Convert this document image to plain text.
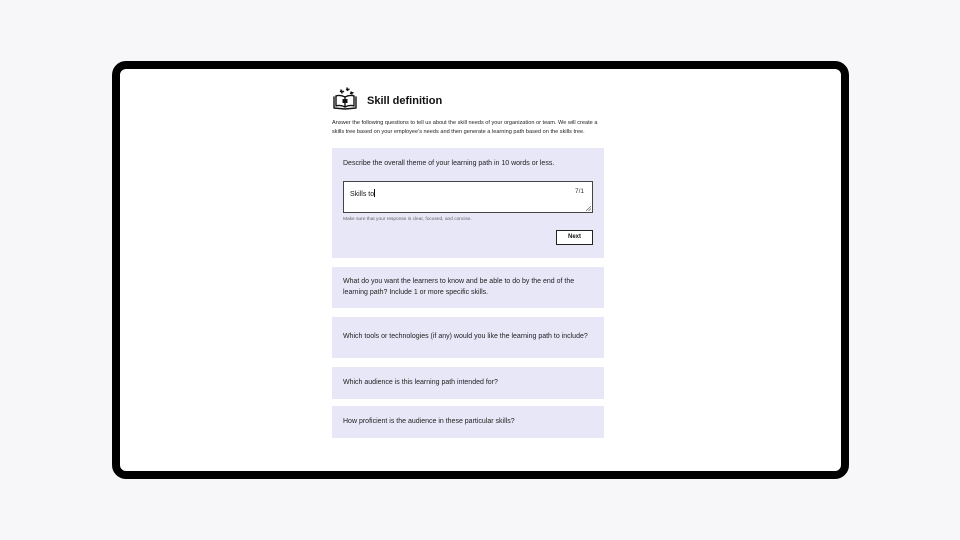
Skill definition
Answer the following questions to tell us about the skill needs of your organization or team. We will create a skills tree based on your employee's needs and then generate a learning path based on the skills tree.
Describe the overall theme of your learning path in 10 words or less.
Skills to	7/1
Make sure that your response is clear, focused, and concise.
Next
What do you want the learners to know and be able to do by the end of the learning path? Include 1 or more specific skills.
Which tools or technologies (if any) would you like the learning path to include?
Which audience is this learning path intended for?
How proficient is the audience in these particular skills?
